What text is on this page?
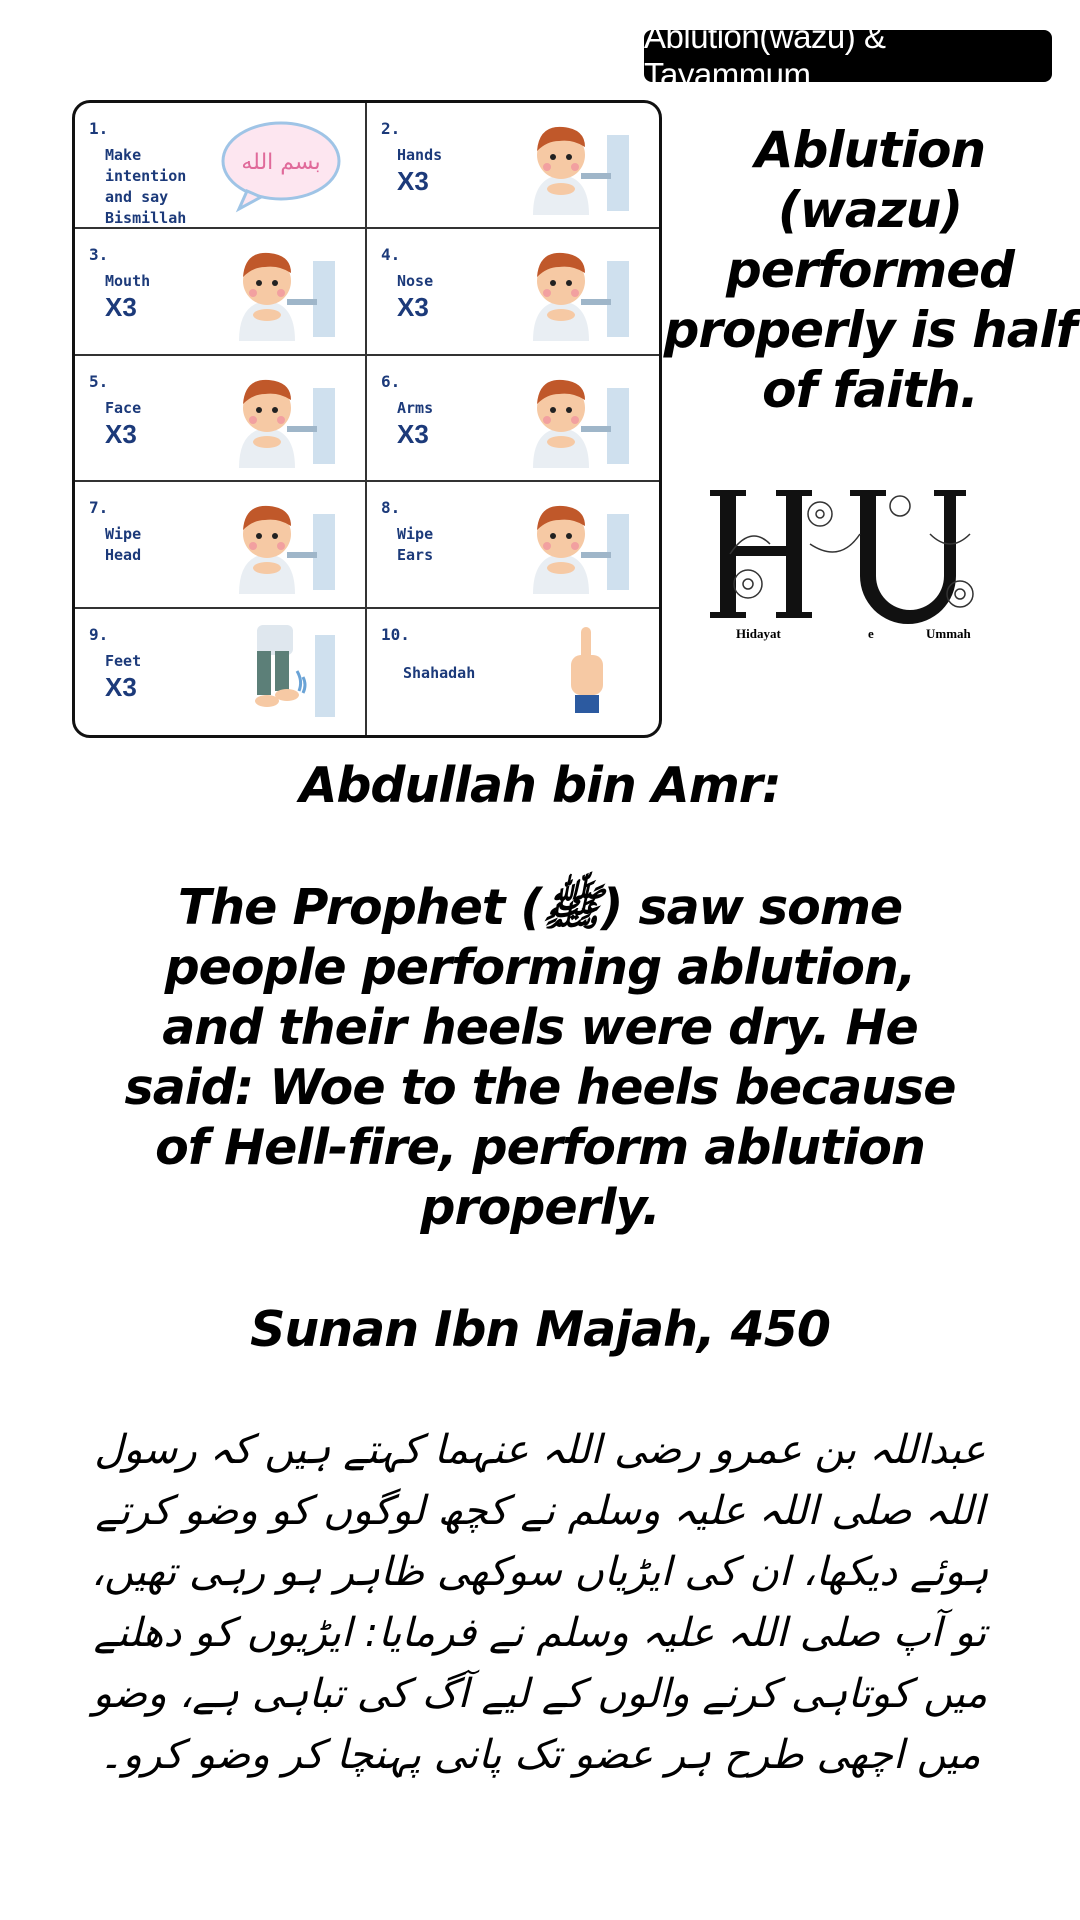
Ablution(wazu) & Tayammum
1.
Make
intention
and say
Bismillah
بسم الله
2.
Hands
X3
3.
Mouth
X3
4.
Nose
X3
5.
Face
X3
6.
Arms
X3
7.
Wipe
Head
8.
Wipe
Ears
9.
Feet
X3
10.
Shahadah
Ablution (wazu) performed properly is half of faith.
Hidayat	e	Ummah
Abdullah bin Amr:
The Prophet (ﷺ) saw some people performing ablution, and their heels were dry. He said: Woe to the heels because of Hell-fire, perform ablution properly.
Sunan Ibn Majah, 450
عبداللہ بن عمرو رضی اللہ عنہما کہتے ہیں کہ رسول اللہ صلی اللہ علیہ وسلم نے کچھ لوگوں کو وضو کرتے ہوئے دیکھا، ان کی ایڑیاں سوکھی ظاہر ہو رہی تھیں، تو آپ صلی اللہ علیہ وسلم نے فرمایا: ایڑیوں کو دھلنے میں کوتاہی کرنے والوں کے لیے آگ کی تباہی ہے، وضو میں اچھی طرح ہر عضو تک پانی پہنچا کر وضو کرو۔
